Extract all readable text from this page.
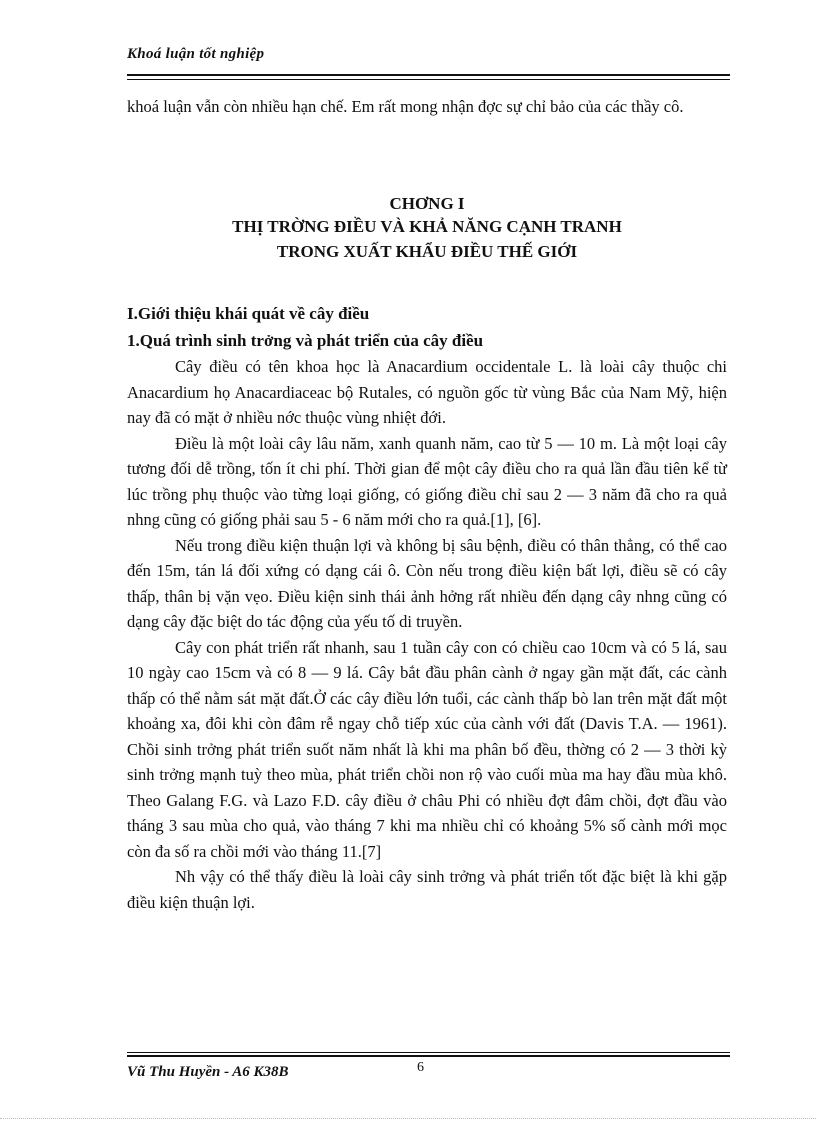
Khoá luận tốt nghiệp

khoá luận vẫn còn nhiều hạn chế. Em rất mong nhận đợc sự chỉ bảo của các thầy cô.

CHƠNG I
THỊ TRỜNG ĐIỀU VÀ KHẢ NĂNG CẠNH TRANH
TRONG XUẤT KHẨU ĐIỀU THẾ GIỚI
I.Giới thiệu khái quát về cây điều
1.Quá trình sinh trởng và phát triển của cây điều

Cây điều có tên khoa học là Anacardium occidentale L. là loài cây thuộc chi Anacardium họ Anacardiaceac bộ Rutales, có nguồn gốc từ vùng Bắc của Nam Mỹ, hiện nay đã có mặt ở nhiều nớc thuộc vùng nhiệt đới.

Điều là một loài cây lâu năm, xanh quanh năm, cao từ 5 — 10 m. Là một loại cây tương đối dễ trồng, tốn ít chi phí. Thời gian để một cây điều cho ra quả lần đầu tiên kể từ lúc trồng phụ thuộc vào từng loại giống, có giống điều chỉ sau 2 — 3 năm đã cho ra quả nhng cũng có giống phải sau 5 - 6 năm mới cho ra quả.[1], [6].

Nếu trong điều kiện thuận lợi và không bị sâu bệnh, điều có thân thẳng, có thể cao đến 15m, tán lá đối xứng có dạng cái ô. Còn nếu trong điều kiện bất lợi, điều sẽ có cây thấp, thân bị vặn vẹo. Điều kiện sinh thái ảnh hởng rất nhiều đến dạng cây nhng cũng có dạng cây đặc biệt do tác động của yếu tố di truyền.

Cây con phát triển rất nhanh, sau 1 tuần cây con có chiều cao 10cm và có 5 lá, sau 10 ngày cao 15cm và có 8 — 9 lá. Cây bắt đầu phân cành ở ngay gần mặt đất, các cành thấp có thể nằm sát mặt đất.Ở các cây điều lớn tuổi, các cành thấp bò lan trên mặt đất một khoảng xa, đôi khi còn đâm rễ ngay chỗ tiếp xúc của cành với đất (Davis T.A. — 1961). Chồi sinh trởng phát triển suốt năm nhất là khi ma phân bố đều, thờng có 2 — 3 thời kỳ sinh trởng mạnh tuỳ theo mùa, phát triển chồi non rộ vào cuối mùa ma hay đầu mùa khô. Theo Galang F.G. và Lazo F.D. cây điều ở châu Phi có nhiều đợt đâm chồi, đợt đầu vào tháng 3 sau mùa cho quả, vào tháng 7 khi ma nhiều chỉ có khoảng 5% số cành mới mọc còn đa số ra chồi mới vào tháng 11.[7]

Nh vậy có thể thấy điều là loài cây sinh trởng và phát triển tốt đặc biệt là khi gặp điều kiện thuận lợi.

Vũ Thu Huyền - A6 K38B	6
